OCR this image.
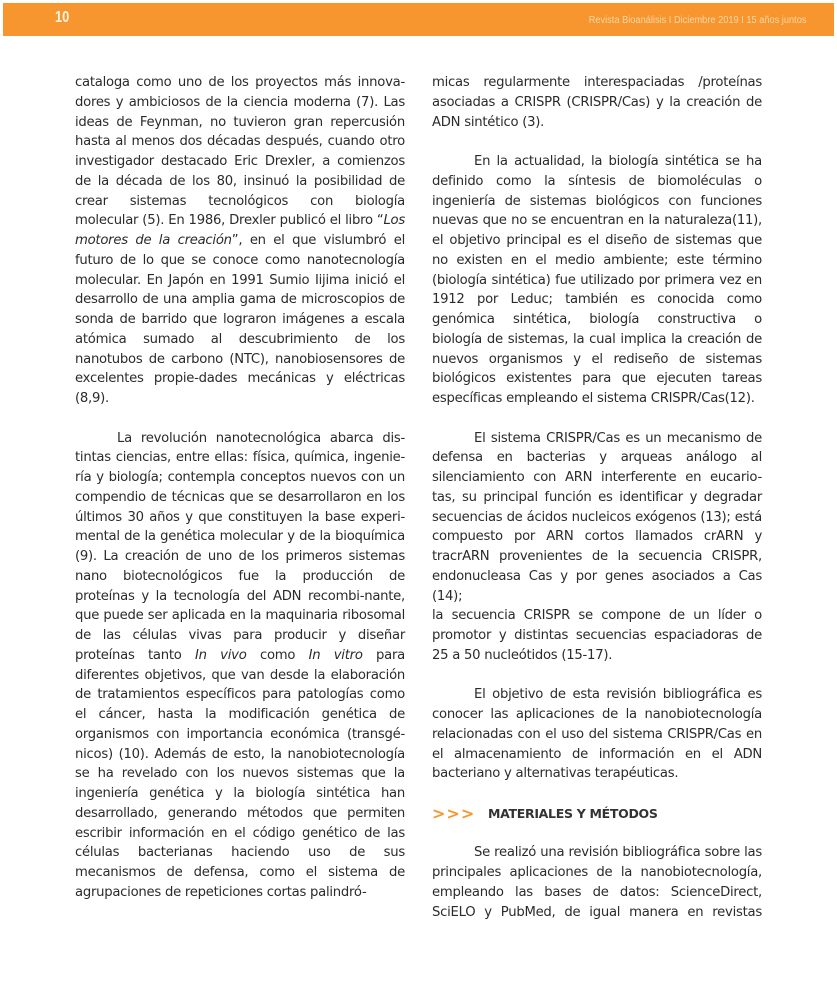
10	Revista Bioanálisis I Diciembre 2019 I 15 años juntos

cataloga como uno de los proyectos más innova-
dores y ambiciosos de la ciencia moderna (7). Las
ideas de Feynman, no tuvieron gran repercusión
hasta al menos dos décadas después, cuando otro
investigador destacado Eric Drexler, a comienzos
de la década de los 80, insinuó la posibilidad de
crear sistemas tecnológicos con biología
molecular (5). En 1986, Drexler publicó el libro “Los
motores de la creación”, en el que vislumbró el
futuro de lo que se conoce como nanotecnología
molecular. En Japón en 1991 Sumio Iijima inició el
desarrollo de una amplia gama de microscopios de
sonda de barrido que lograron imágenes a escala
atómica sumado al descubrimiento de los
nanotubos de carbono (NTC), nanobiosensores de
excelentes propie-dades mecánicas y eléctricas
(8,9).

La revolución nanotecnológica abarca dis-
tintas ciencias, entre ellas: física, química, ingenie-
ría y biología; contempla conceptos nuevos con un
compendio de técnicas que se desarrollaron en los
últimos 30 años y que constituyen la base experi-
mental de la genética molecular y de la bioquímica
(9). La creación de uno de los primeros sistemas
nano biotecnológicos fue la producción de
proteínas y la tecnología del ADN recombi-nante,
que puede ser aplicada en la maquinaria ribosomal
de las células vivas para producir y diseñar
proteínas tanto In vivo como In vitro para
diferentes objetivos, que van desde la elaboración
de tratamientos específicos para patologías como
el cáncer, hasta la modificación genética de
organismos con importancia económica (transgé-
nicos) (10). Además de esto, la nanobiotecnología
se ha revelado con los nuevos sistemas que la
ingeniería genética y la biología sintética han
desarrollado, generando métodos que permiten
escribir información en el código genético de las
células bacterianas haciendo uso de sus
mecanismos de defensa, como el sistema de
agrupaciones de repeticiones cortas palindró-

micas regularmente interespaciadas /proteínas
asociadas a CRISPR (CRISPR/Cas) y la creación de
ADN sintético (3).

En la actualidad, la biología sintética se ha
definido como la síntesis de biomoléculas o
ingeniería de sistemas biológicos con funciones
nuevas que no se encuentran en la naturaleza(11),
el objetivo principal es el diseño de sistemas que
no existen en el medio ambiente; este término
(biología sintética) fue utilizado por primera vez en
1912 por Leduc; también es conocida como
genómica sintética, biología constructiva o
biología de sistemas, la cual implica la creación de
nuevos organismos y el rediseño de sistemas
biológicos existentes para que ejecuten tareas
específicas empleando el sistema CRISPR/Cas(12).

El sistema CRISPR/Cas es un mecanismo de
defensa en bacterias y arqueas análogo al
silenciamiento con ARN interferente en eucario-
tas, su principal función es identificar y degradar
secuencias de ácidos nucleicos exógenos (13); está
compuesto por ARN cortos llamados crARN y
tracrARN provenientes de la secuencia CRISPR,
endonucleasa Cas y por genes asociados a Cas (14);
la secuencia CRISPR se compone de un líder o
promotor y distintas secuencias espaciadoras de
25 a 50 nucleótidos (15-17).

El objetivo de esta revisión bibliográfica es
conocer las aplicaciones de la nanobiotecnología
relacionadas con el uso del sistema CRISPR/Cas en
el almacenamiento de información en el ADN
bacteriano y alternativas terapéuticas.

>>>	MATERIALES Y MÉTODOS

Se realizó una revisión bibliográfica sobre las
principales aplicaciones de la nanobiotecnología,
empleando las bases de datos: ScienceDirect,
SciELO y PubMed, de igual manera en revistas
